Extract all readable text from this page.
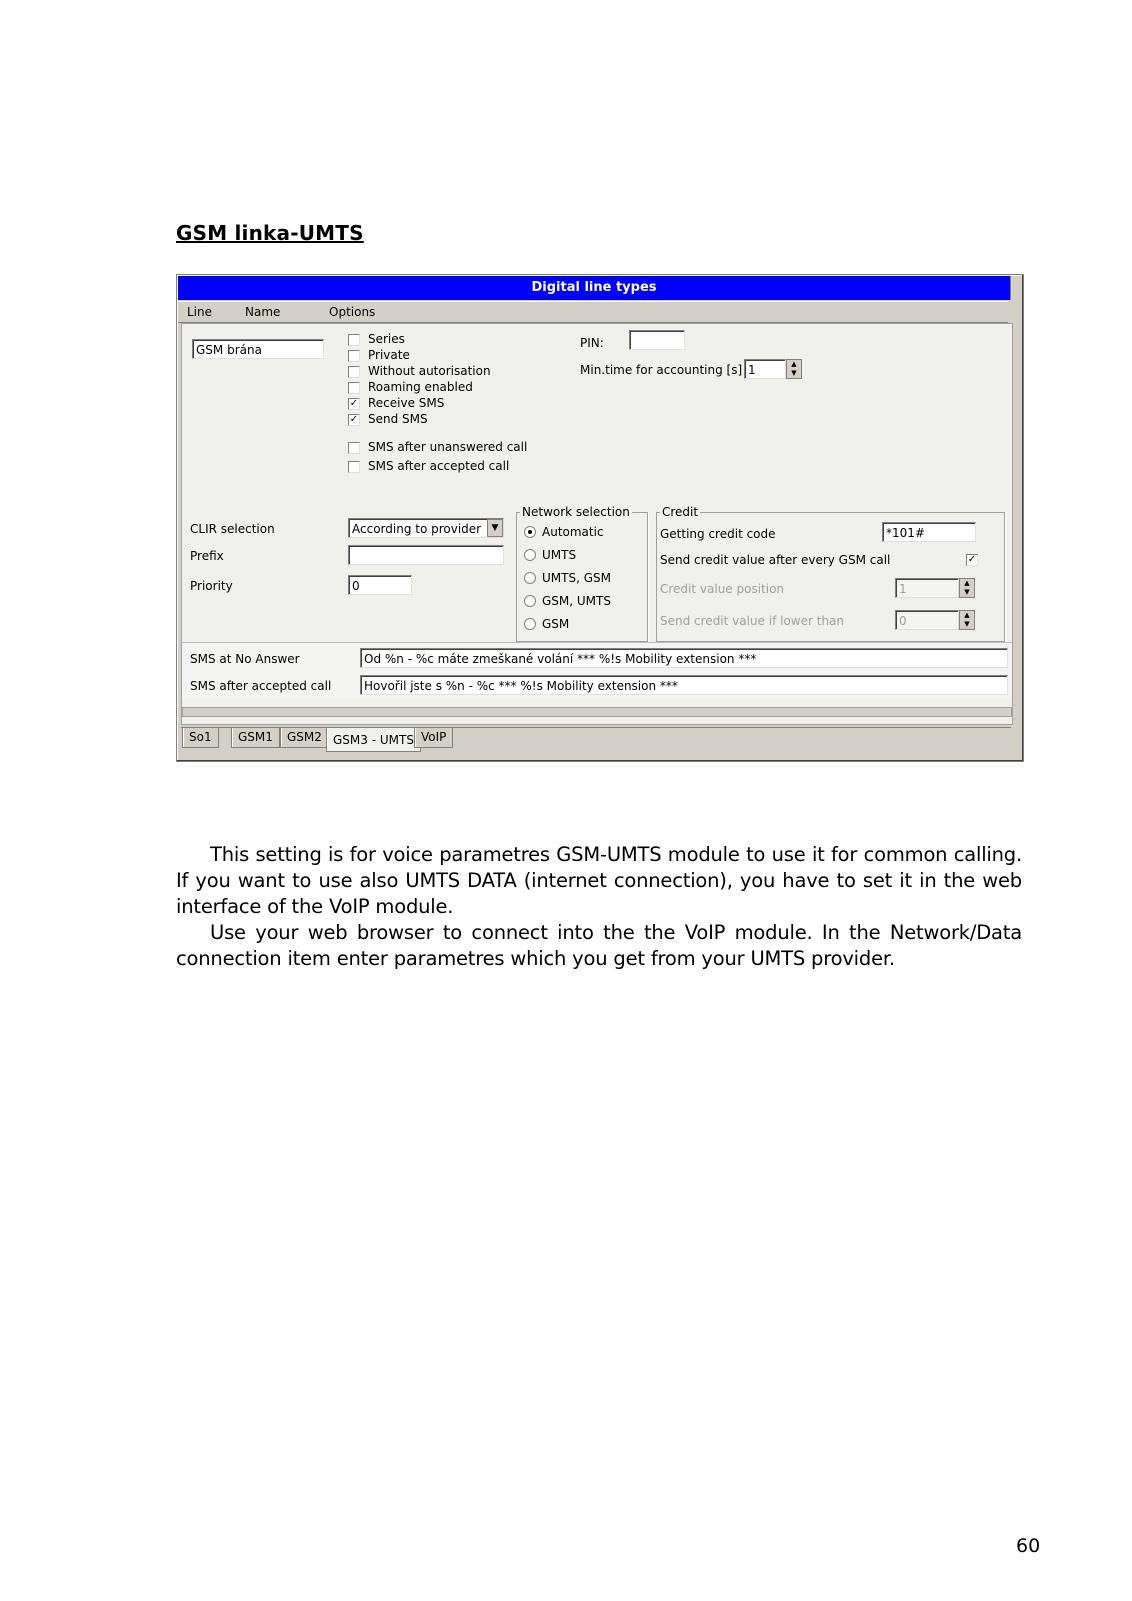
GSM linka-UMTS
Digital line types
Line	Name	Options
GSM brána
Series
Private
Without autorisation
Roaming enabled
✓ Receive SMS
✓ Send SMS
SMS after unanswered call
SMS after accepted call
PIN:
Min.time for accounting [s] 1	▲
▼
CLIR selection	According to provider	▼
Prefix
Priority	0
Network selection
Automatic
UMTS
UMTS, GSM
GSM, UMTS
GSM
Credit
Getting credit code	*101#
Send credit value after every GSM call	✓
Credit value position	1	▲
▼
Send credit value if lower than	0	▲
▼
SMS at No Answer	Od %n - %c máte zmeškané volání *** %!s Mobility extension ***
SMS after accepted call	Hovořil jste s %n - %c *** %!s Mobility extension ***
So1	GSM1	GSM2 GSM3 - UMTS VoIP
This setting is for voice parametres GSM-UMTS module to use it for common calling. If you want to use also UMTS DATA (internet connection), you have to set it in the web interface of the VoIP module.
Use your web browser to connect into the the VoIP module. In the Network/Data connection item enter parametres which you get from your UMTS provider.
60
